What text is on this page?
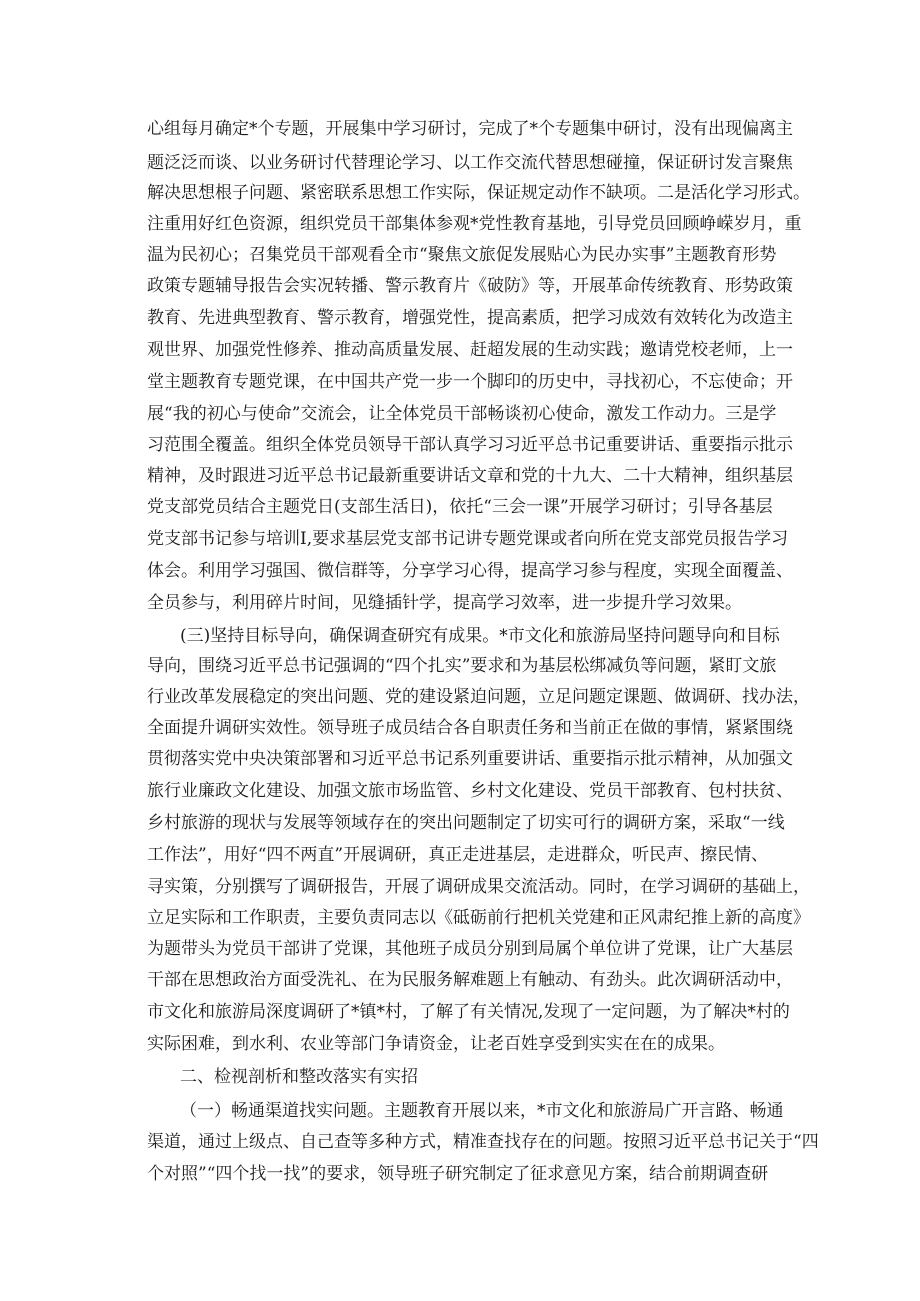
心组每月确定*个专题，开展集中学习研讨，完成了*个专题集中研讨，没有出现偏离主

题泛泛而谈、以业务研讨代替理论学习、以工作交流代替思想碰撞，保证研讨发言聚焦

解决思想根子问题、紧密联系思想工作实际，保证规定动作不缺项。二是活化学习形式。

注重用好红色资源，组织党员干部集体参观*党性教育基地，引导党员回顾峥嵘岁月，重

温为民初心；召集党员干部观看全市“聚焦文旅促发展贴心为民办实事”主题教育形势

政策专题辅导报告会实况转播、警示教育片《破防》等，开展革命传统教育、形势政策

教育、先进典型教育、警示教育，增强党性，提高素质，把学习成效有效转化为改造主

观世界、加强党性修养、推动高质量发展、赶超发展的生动实践；邀请党校老师，上一

堂主题教育专题党课，在中国共产党一步一个脚印的历史中，寻找初心，不忘使命；开

展“我的初心与使命”交流会，让全体党员干部畅谈初心使命，激发工作动力。三是学

习范围全覆盖。组织全体党员领导干部认真学习习近平总书记重要讲话、重要指示批示

精神，及时跟进习近平总书记最新重要讲话文章和党的十九大、二十大精神，组织基层

党支部党员结合主题党日(支部生活日)，依托“三会一课”开展学习研讨；引导各基层

党支部书记参与培训I,要求基层党支部书记讲专题党课或者向所在党支部党员报告学习

体会。利用学习强国、微信群等，分享学习心得，提高学习参与程度，实现全面覆盖、

全员参与，利用碎片时间，见缝插针学，提高学习效率，进一步提升学习效果。

(三)坚持目标导向，确保调查研究有成果。*市文化和旅游局坚持问题导向和目标

导向，围绕习近平总书记强调的“四个扎实”要求和为基层松绑减负等问题，紧盯文旅

行业改革发展稳定的突出问题、党的建设紧迫问题，立足问题定课题、做调研、找办法，

全面提升调研实效性。领导班子成员结合各自职责任务和当前正在做的事情，紧紧围绕

贯彻落实党中央决策部署和习近平总书记系列重要讲话、重要指示批示精神，从加强文

旅行业廉政文化建设、加强文旅市场监管、乡村文化建设、党员干部教育、包村扶贫、

乡村旅游的现状与发展等领域存在的突出问题制定了切实可行的调研方案，采取“一线

工作法”，用好“四不两直”开展调研，真正走进基层，走进群众，听民声、擦民情、

寻实策，分别撰写了调研报告，开展了调研成果交流活动。同时，在学习调研的基础上，

立足实际和工作职责，主要负责同志以《砥砺前行把机关党建和正风肃纪推上新的高度》

为题带头为党员干部讲了党课，其他班子成员分别到局属个单位讲了党课，让广大基层

干部在思想政治方面受洗礼、在为民服务解难题上有触动、有劲头。此次调研活动中，

市文化和旅游局深度调研了*镇*村，了解了有关情况,发现了一定问题，为了解决*村的

实际困难，到水利、农业等部门争请资金，让老百姓享受到实实在在的成果。

二、检视剖析和整改落实有实招

（一）畅通渠道找实问题。主题教育开展以来，*市文化和旅游局广开言路、畅通

渠道，通过上级点、自己查等多种方式，精准查找存在的问题。按照习近平总书记关于“四

个对照”“四个找一找”的要求，领导班子研究制定了征求意见方案，结合前期调查研
